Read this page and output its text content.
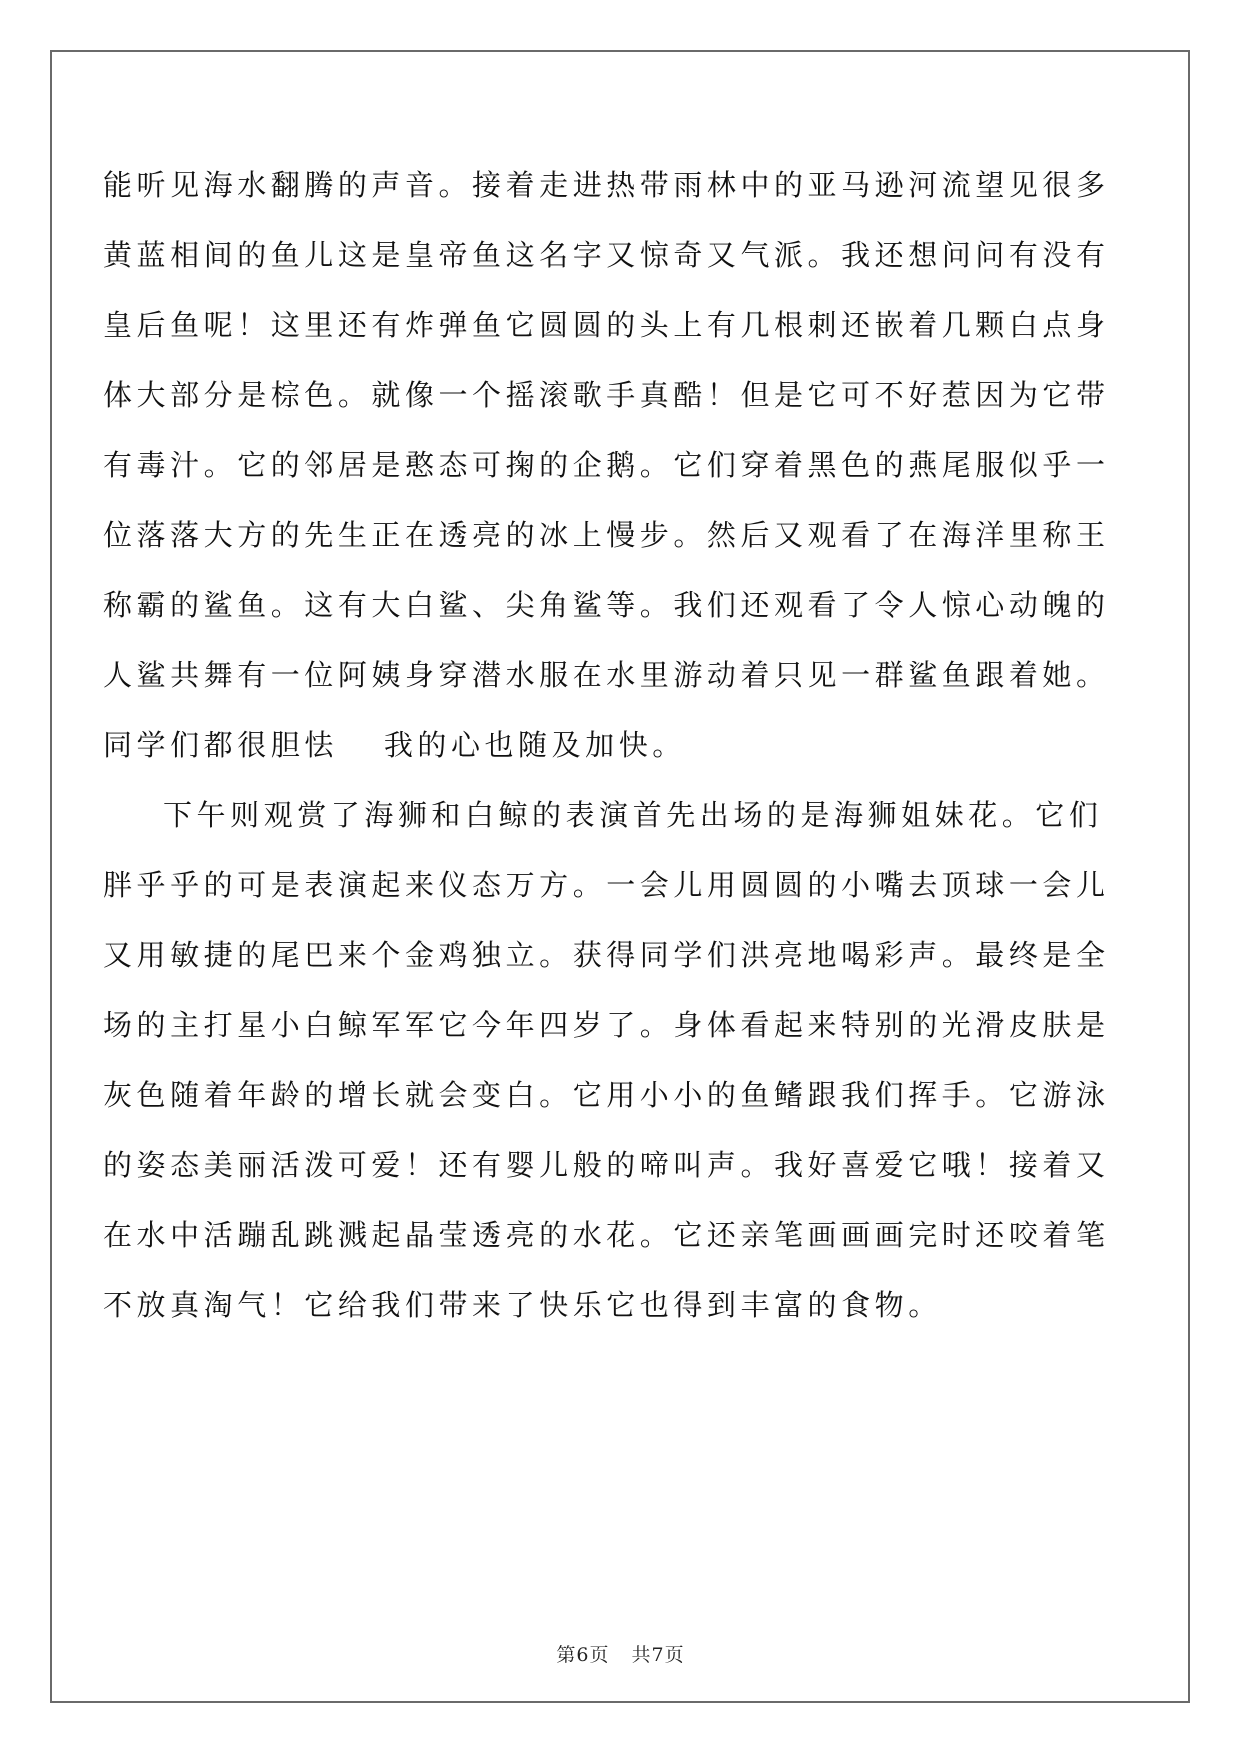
能听见海水翻腾的声音。接着走进热带雨林中的亚马逊河流望见很多
黄蓝相间的鱼儿这是皇帝鱼这名字又惊奇又气派。我还想问问有没有
皇后鱼呢！这里还有炸弹鱼它圆圆的头上有几根刺还嵌着几颗白点身
体大部分是棕色。就像一个摇滚歌手真酷！但是它可不好惹因为它带
有毒汁。它的邻居是憨态可掬的企鹅。它们穿着黑色的燕尾服似乎一
位落落大方的先生正在透亮的冰上慢步。然后又观看了在海洋里称王
称霸的鲨鱼。这有大白鲨、尖角鲨等。我们还观看了令人惊心动魄的
人鲨共舞有一位阿姨身穿潜水服在水里游动着只见一群鲨鱼跟着她。
同学们都很胆怯 我的心也随及加快。
下午则观赏了海狮和白鲸的表演首先出场的是海狮姐妹花。它们
胖乎乎的可是表演起来仪态万方。一会儿用圆圆的小嘴去顶球一会儿
又用敏捷的尾巴来个金鸡独立。获得同学们洪亮地喝彩声。最终是全
场的主打星小白鲸军军它今年四岁了。身体看起来特别的光滑皮肤是
灰色随着年龄的增长就会变白。它用小小的鱼鳍跟我们挥手。它游泳
的姿态美丽活泼可爱！还有婴儿般的啼叫声。我好喜爱它哦！接着又
在水中活蹦乱跳溅起晶莹透亮的水花。它还亲笔画画画完时还咬着笔
不放真淘气！它给我们带来了快乐它也得到丰富的食物。
第6页 共7页
